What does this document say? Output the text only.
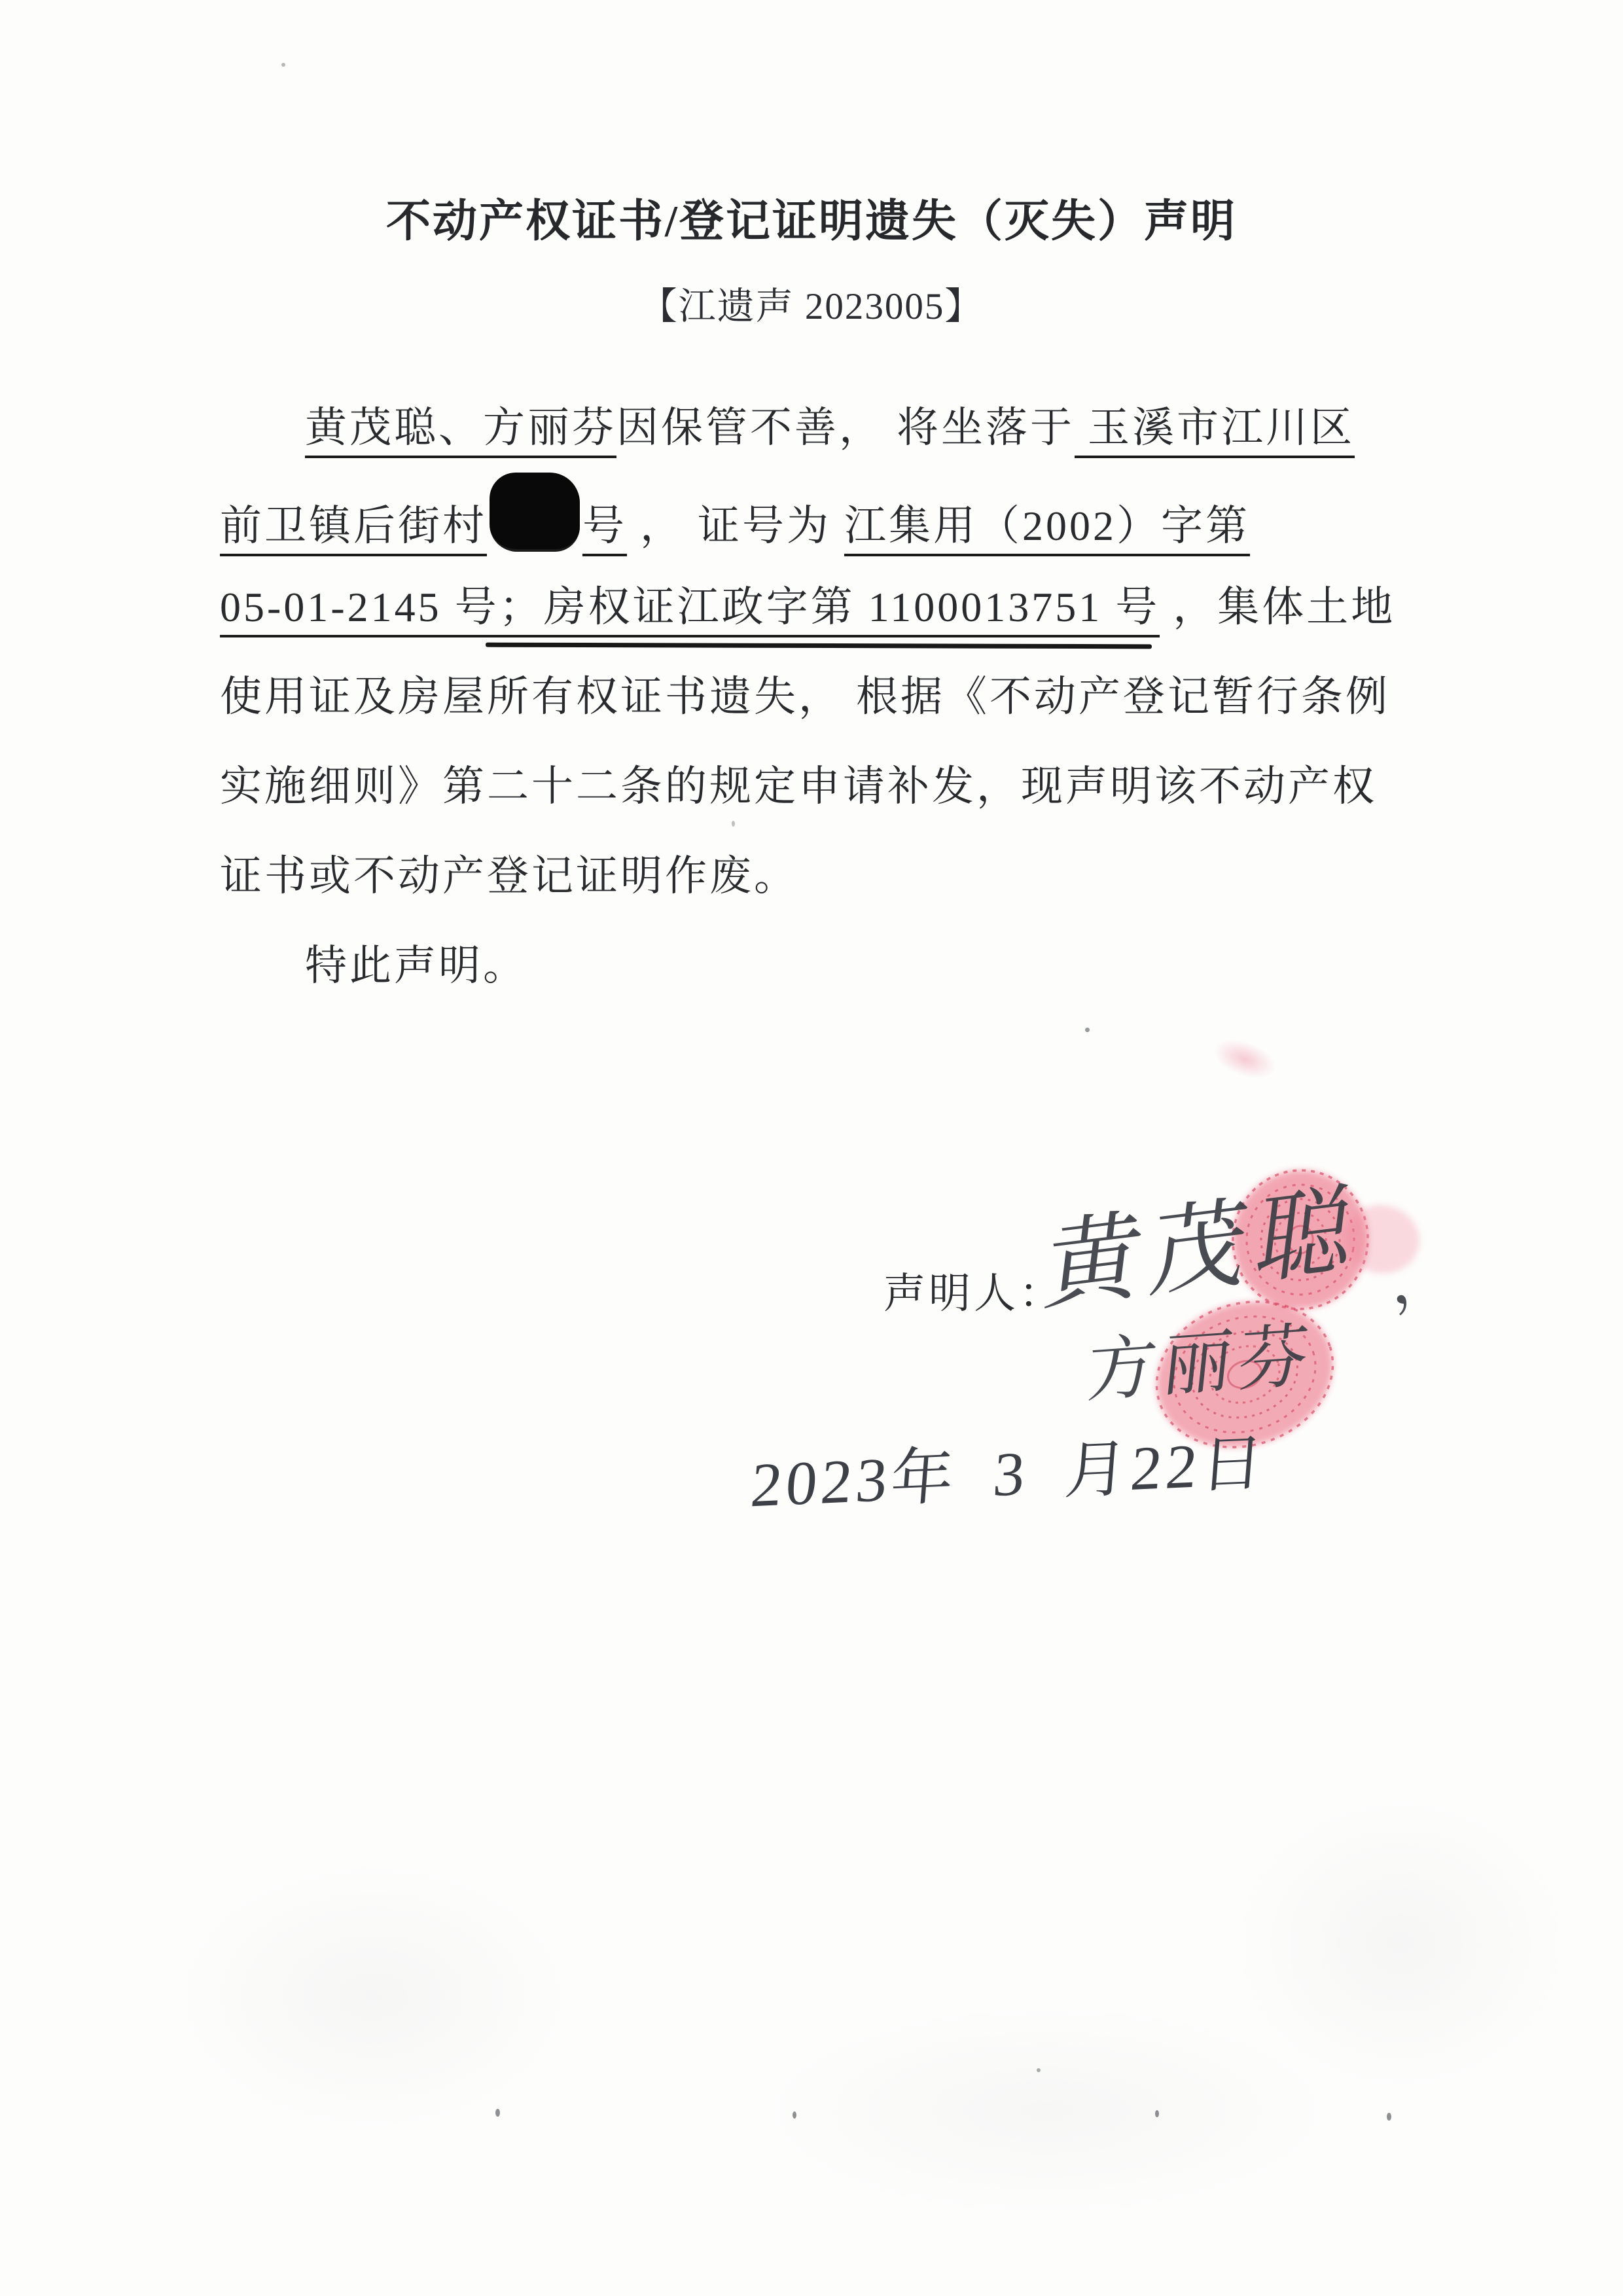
不动产权证书/登记证明遗失（灭失）声明
【江遗声 2023005】
黄茂聪、方丽芬因保管不善， 将坐落于 玉溪市江川区
前卫镇后街村 号 ， 证号为 江集用（2002）字第
05-01-2145 号；房权证江政字第 1100013751 号 ，集体土地
使用证及房屋所有权证书遗失， 根据《不动产登记暂行条例
实施细则》第二十二条的规定申请补发，现声明该不动产权
证书或不动产登记证明作废。
特此声明。
声明人：
黄茂聪
方丽芬
，
2023年 3 月22日
